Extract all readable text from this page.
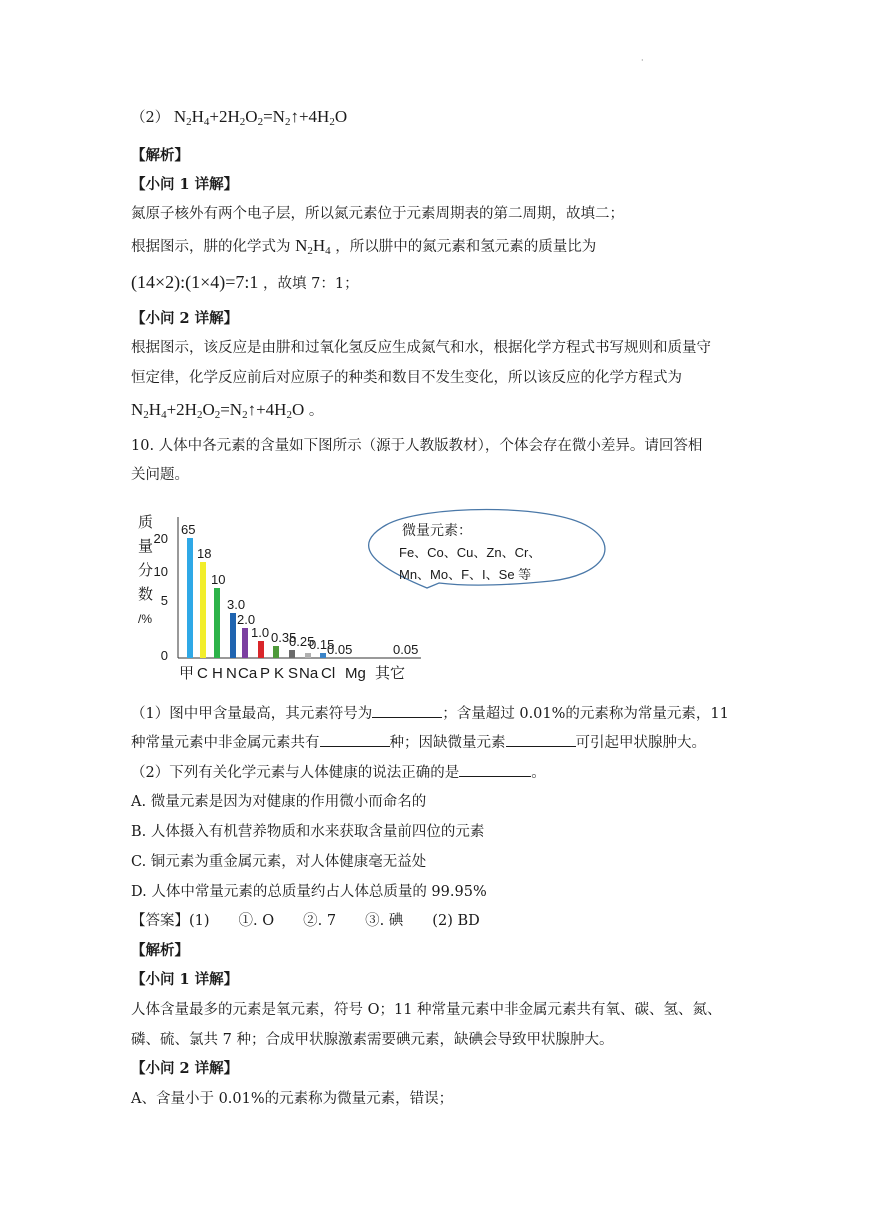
·
（2） $N_2H_4+2H_2O_2=N_2↑+4H_2O$
【解析】
【小问 1 详解】
氮原子核外有两个电子层，所以氮元素位于元素周期表的第二周期，故填二；
根据图示，肼的化学式为 $N_2H_4$ ，所以肼中的氮元素和氢元素的质量比为
(14×2):(1×4)=7:1 ，故填 7：1；
【小问 2 详解】
根据图示，该反应是由肼和过氧化氢反应生成氮气和水，根据化学方程式书写规则和质量守
恒定律，化学反应前后对应原子的种类和数目不发生变化，所以该反应的化学方程式为
$N_2H_4+2H_2O_2=N_2↑+4H_2O$ 。
10. 人体中各元素的含量如下图所示（源于人教版教材），个体会存在微小差异。请回答相
关问题。
质
量
分
数
/%
20
10
5
0
65
18
10
3.0
2.0
1.0 0.35
0.25
0.15
0.05	0.05
甲 C H N Ca P K S Na Cl Mg 其它
微量元素：
Fe、Co、Cu、Zn、Cr、
Mn、Mo、F、I、Se 等
（1）图中甲含量最高，其元素符号为	；含量超过 0.01%的元素称为常量元素，11
种常量元素中非金属元素共有	种；因缺微量元素	可引起甲状腺肿大。
（2）下列有关化学元素与人体健康的说法正确的是	。
A. 微量元素是因为对健康的作用微小而命名的
B. 人体摄入有机营养物质和水来获取含量前四位的元素
C. 铜元素为重金属元素，对人体健康毫无益处
D. 人体中常量元素的总质量约占人体总质量的 99.95%
【答案】(1)　　①. O　　②. 7　　③. 碘　　(2) BD
【解析】
【小问 1 详解】
人体含量最多的元素是氧元素，符号 O；11 种常量元素中非金属元素共有氧、碳、氢、氮、
磷、硫、氯共 7 种；合成甲状腺激素需要碘元素，缺碘会导致甲状腺肿大。
【小问 2 详解】
A、含量小于 0.01%的元素称为微量元素，错误；
